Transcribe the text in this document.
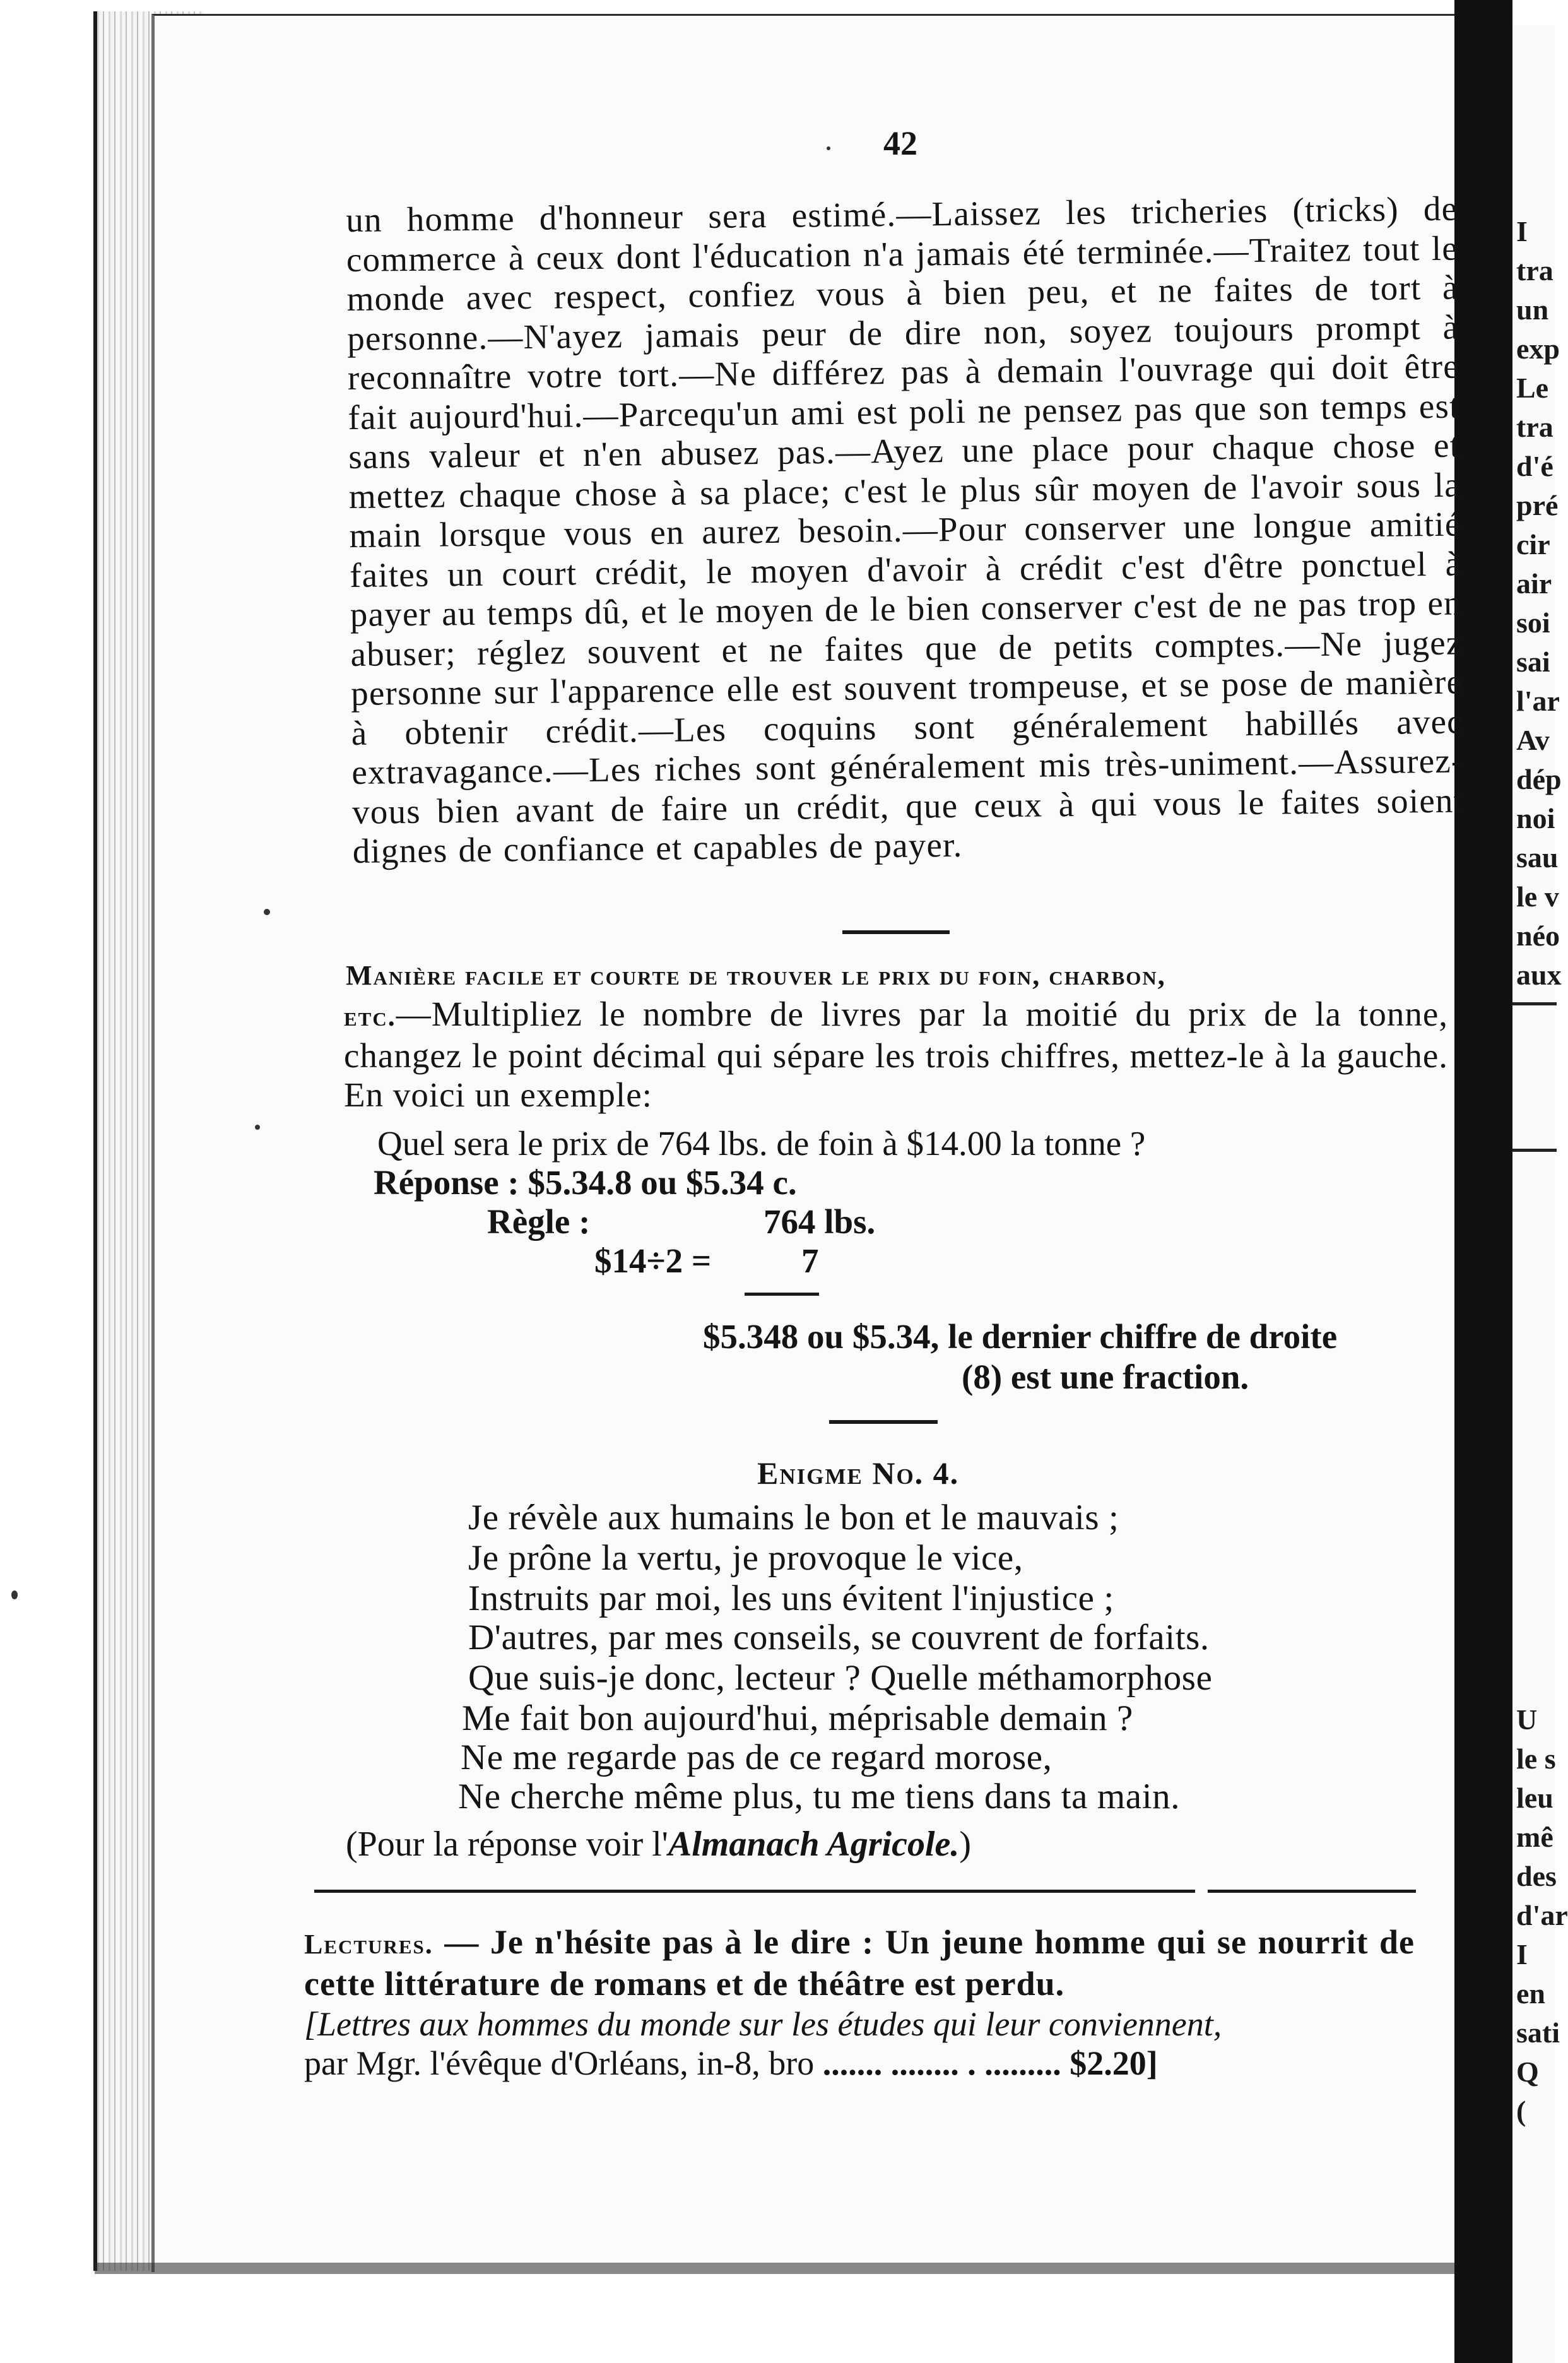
I
tra
un
exp
Le
tra
d'é
pré
cir
air
soi
sai
l'ar
Av
dép
noi
sau
le v
néo
aux
U
le s
leu
mê
des
d'ar
I
en
sati
Q
(
42
un homme d'honneur sera estimé.—Laissez les tricheries (tricks) de commerce à ceux dont l'éducation n'a jamais été terminée.—Traitez tout le monde avec respect, confiez vous à bien peu, et ne faites de tort à personne.—N'ayez jamais peur de dire non, soyez toujours prompt à reconnaître votre tort.—Ne différez pas à demain l'ouvrage qui doit être fait aujourd'hui.—Parcequ'un ami est poli ne pensez pas que son temps est sans valeur et n'en abusez pas.—Ayez une place pour chaque chose et mettez chaque chose à sa place; c'est le plus sûr moyen de l'avoir sous la main lorsque vous en aurez besoin.—Pour conserver une longue amitié faites un court crédit, le moyen d'avoir à crédit c'est d'être ponctuel à payer au temps dû, et le moyen de le bien conserver c'est de ne pas trop en abuser; réglez souvent et ne faites que de petits comptes.—Ne jugez personne sur l'apparence elle est souvent trompeuse, et se pose de manière à obtenir crédit.—Les coquins sont généralement habillés avec extravagance.—Les riches sont généralement mis très-uniment.—Assurez-vous bien avant de faire un crédit, que ceux à qui vous le faites soient dignes de confiance et capables de payer.
Manière facile et courte de trouver le prix du foin, charbon,
etc.—Multipliez le nombre de livres par la moitié du prix de la tonne, changez le point décimal qui sépare les trois chiffres, mettez-le à la gauche. En voici un exemple:
Quel sera le prix de 764 lbs. de foin à $14.00 la tonne ?
Réponse : $5.34.8 ou $5.34 c.
Règle :	764 lbs.
$14÷2 =	7
$5.348 ou $5.34, le dernier chiffre de droite
(8) est une fraction.
Enigme No. 4.
Je révèle aux humains le bon et le mauvais ;
Je prône la vertu, je provoque le vice,
Instruits par moi, les uns évitent l'injustice ;
D'autres, par mes conseils, se couvrent de forfaits.
Que suis-je donc, lecteur ? Quelle méthamorphose
Me fait bon aujourd'hui, méprisable demain ?
Ne me regarde pas de ce regard morose,
Ne cherche même plus, tu me tiens dans ta main.
(Pour la réponse voir l'Almanach Agricole.)
Lectures. — Je n'hésite pas à le dire : Un jeune homme qui se nourrit de cette littérature de romans et de théâtre est perdu.
[Lettres aux hommes du monde sur les études qui leur conviennent,
par Mgr. l'évêque d'Orléans, in-8, bro ....... ........ . ......... $2.20]
